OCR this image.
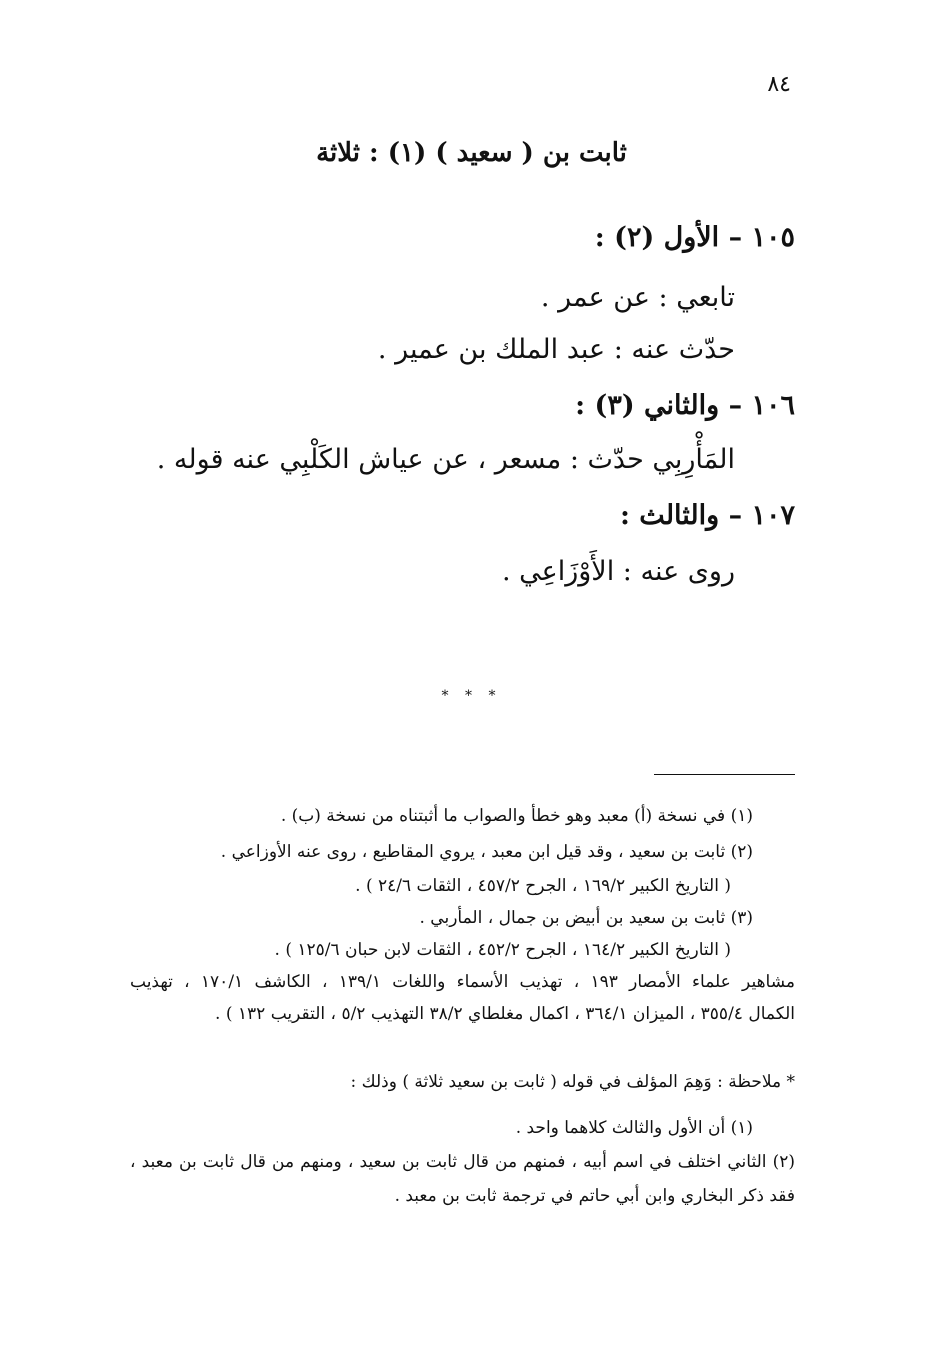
٨٤
ثابت بن ( سعيد ) (١) : ثلاثة
١٠٥ – الأول (٢) :
تابعي : عن عمر .
حدّث عنه : عبد الملك بن عمير .
١٠٦ – والثاني (٣) :
المَأْرِبِي حدّث : مسعر ، عن عياش الكَلْبِي عنه قوله .
١٠٧ – والثالث :
روى عنه : الأَوْزَاعِي .
* * *
(١) في نسخة (أ) معبد وهو خطأ والصواب ما أثبتناه من نسخة (ب) .
(٢) ثابت بن سعيد ، وقد قيل ابن معبد ، يروي المقاطيع ، روى عنه الأوزاعي .
( التاريخ الكبير ١٦٩/٢ ، الجرح ٤٥٧/٢ ، الثقات ٢٤/٦ ) .
(٣) ثابت بن سعيد بن أبيض بن جمال ، المأربي .
( التاريخ الكبير ١٦٤/٢ ، الجرح ٤٥٢/٢ ، الثقات لابن حبان ١٢٥/٦ ) .
مشاهير علماء الأمصار ١٩٣ ، تهذيب الأسماء واللغات ١٣٩/١ ، الكاشف ١٧٠/١ ، تهذيب
الكمال ٣٥٥/٤ ، الميزان ٣٦٤/١ ، اكمال مغلطاي ٣٨/٢ التهذيب ٥/٢ ، التقريب ١٣٢ ) .
* ملاحظة : وَهِمَ المؤلف في قوله ( ثابت بن سعيد ثلاثة ) وذلك :
(١) أن الأول والثالث كلاهما واحد .
(٢) الثاني اختلف في اسم أبيه ، فمنهم من قال ثابت بن سعيد ، ومنهم من قال ثابت بن معبد ،
فقد ذكر البخاري وابن أبي حاتم في ترجمة ثابت بن معبد .
